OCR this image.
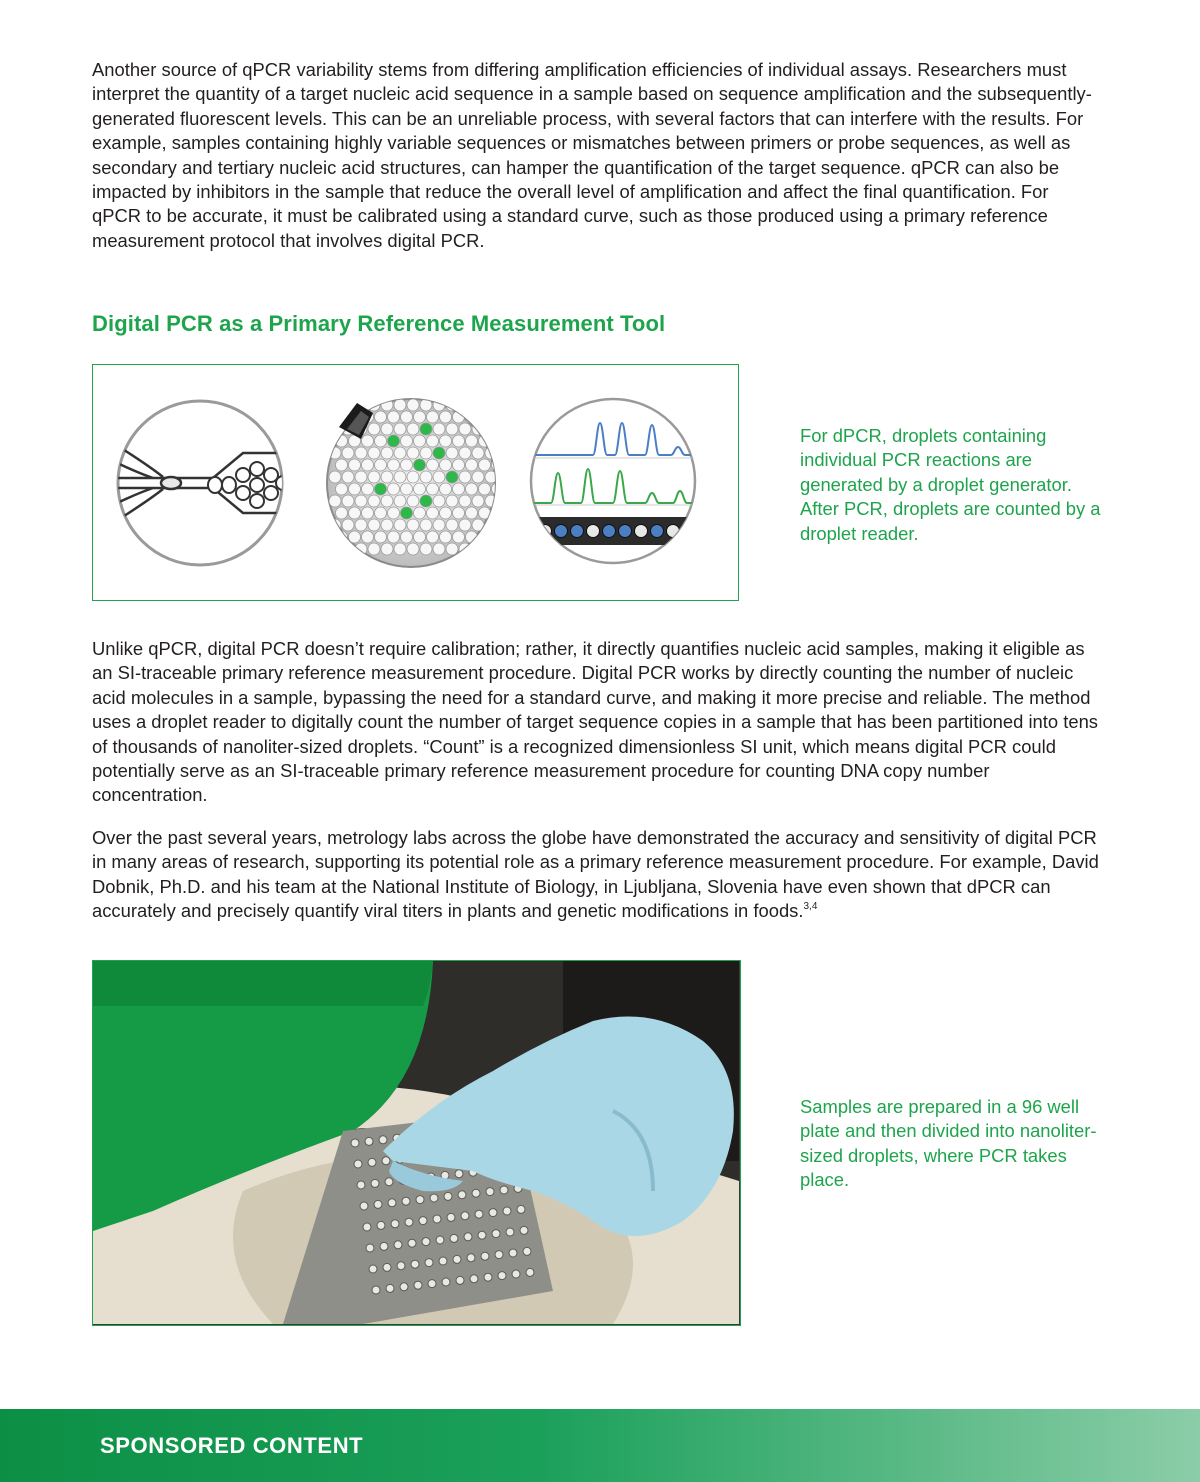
Another source of qPCR variability stems from differing amplification efficiencies of individual assays. Researchers must interpret the quantity of a target nucleic acid sequence in a sample based on sequence amplification and the subsequently-generated fluorescent levels. This can be an unreliable process, with several factors that can interfere with the results. For example, samples containing highly variable sequences or mismatches between primers or probe sequences, as well as secondary and tertiary nucleic acid structures, can hamper the quantification of the target sequence. qPCR can also be impacted by inhibitors in the sample that reduce the overall level of amplification and affect the final quantification. For qPCR to be accurate, it must be calibrated using a standard curve, such as those produced using a primary reference measurement protocol that involves digital PCR.

Digital PCR as a Primary Reference Measurement Tool

For dPCR, droplets containing individual PCR reactions are generated by a droplet generator. After PCR, droplets are counted by a droplet reader.

Unlike qPCR, digital PCR doesn’t require calibration; rather, it directly quantifies nucleic acid samples, making it eligible as an SI-traceable primary reference measurement procedure. Digital PCR works by directly counting the number of nucleic acid molecules in a sample, bypassing the need for a standard curve, and making it more precise and reliable. The method uses a droplet reader to digitally count the number of target sequence copies in a sample that has been partitioned into tens of thousands of nanoliter-sized droplets. “Count” is a recognized dimensionless SI unit, which means digital PCR could potentially serve as an SI-traceable primary reference measurement procedure for counting DNA copy number concentration.

Over the past several years, metrology labs across the globe have demonstrated the accuracy and sensitivity of digital PCR in many areas of research, supporting its potential role as a primary reference measurement procedure. For example, David Dobnik, Ph.D. and his team at the National Institute of Biology, in Ljubljana, Slovenia have even shown that dPCR can accurately and precisely quantify viral titers in plants and genetic modifications in foods.$^{3,4}$

Samples are prepared in a 96 well plate and then divided into nanoliter-sized droplets, where PCR takes place.

SPONSORED CONTENT
